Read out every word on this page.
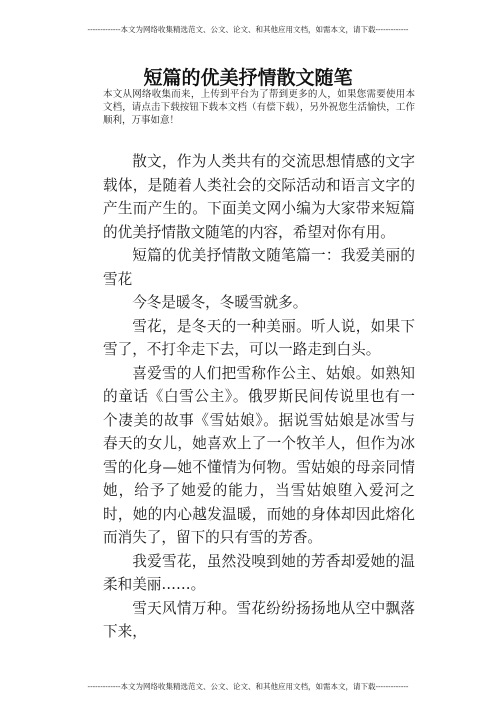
-------------本文为网络收集精选范文、公文、论文、和其他应用文档，如需本文，请下载-------------
短篇的优美抒情散文随笔

本文从网络收集而来，上传到平台为了帮到更多的人，如果您需要使用本文档，请点击下载按钮下载本文档（有偿下载），另外祝您生活愉快，工作顺利，万事如意！

散文，作为人类共有的交流思想情感的文字载体，是随着人类社会的交际活动和语言文字的产生而产生的。下面美文网小编为大家带来短篇的优美抒情散文随笔的内容，希望对你有用。

短篇的优美抒情散文随笔篇一：我爱美丽的雪花

今冬是暖冬，冬暖雪就多。

雪花，是冬天的一种美丽。听人说，如果下雪了，不打伞走下去，可以一路走到白头。

喜爱雪的人们把雪称作公主、姑娘。如熟知的童话《白雪公主》。俄罗斯民间传说里也有一个凄美的故事《雪姑娘》。据说雪姑娘是冰雪与春天的女儿，她喜欢上了一个牧羊人，但作为冰雪的化身—她不懂情为何物。雪姑娘的母亲同情她，给予了她爱的能力，当雪姑娘堕入爱河之时，她的内心越发温暖，而她的身体却因此熔化而消失了，留下的只有雪的芳香。

我爱雪花，虽然没嗅到她的芳香却爱她的温柔和美丽……。

雪天风情万种。雪花纷纷扬扬地从空中飘落下来，

-------------本文为网络收集精选范文、公文、论文、和其他应用文档，如需本文，请下载-------------
